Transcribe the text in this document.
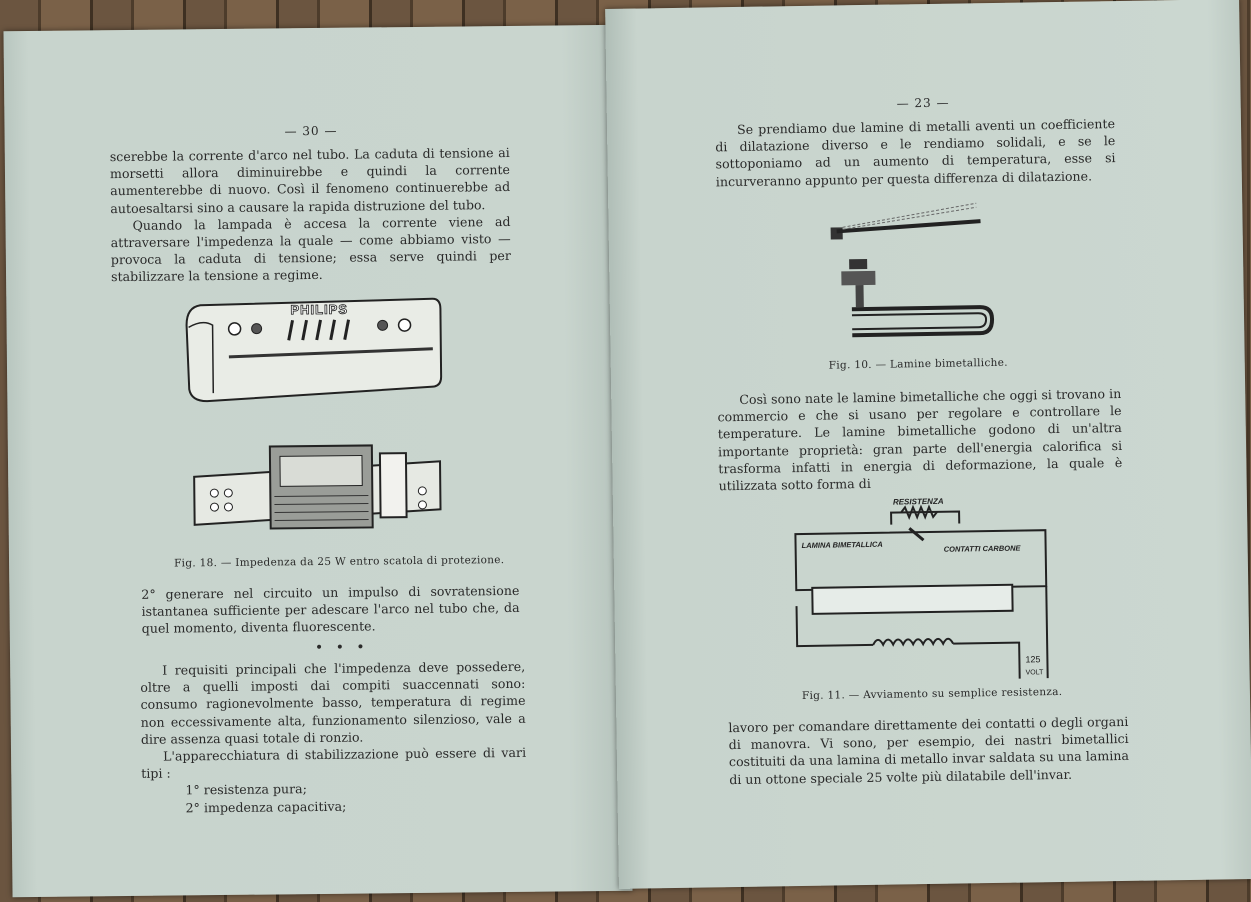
— 30 —

scerebbe la corrente d'arco nel tubo. La caduta di tensione ai morsetti allora diminuirebbe e quindi la corrente aumenterebbe di nuovo. Così il fenomeno continuerebbe ad autoesaltarsi sino a causare la rapida distruzione del tubo.

Quando la lampada è accesa la corrente viene ad attraversare l'impedenza la quale — come abbiamo visto — provoca la caduta di tensione; essa serve quindi per stabilizzare la tensione a regime.

PHILIPS
Fig. 18. — Impedenza da 25 W entro scatola di protezione.
2° generare nel circuito un impulso di sovratensione istantanea sufficiente per adescare l'arco nel tubo che, da quel momento, diventa fluorescente.
• • •

I requisiti principali che l'impedenza deve possedere, oltre a quelli imposti dai compiti suaccennati sono: consumo ragionevolmente basso, temperatura di regime non eccessivamente alta, funzionamento silenzioso, vale a dire assenza quasi totale di ronzio.

L'apparecchiatura di stabilizzazione può essere di vari tipi :

1° resistenza pura;

2° impedenza capacitiva;

— 23 —
Se prendiamo due lamine di metalli aventi un coefficiente di dilatazione diverso e le rendiamo solidali, e se le sottoponiamo ad un aumento di temperatura, esse si incurveranno appunto per questa differenza di dilatazione.
Fig. 10. — Lamine bimetalliche.

Così sono nate le lamine bimetalliche che oggi si trovano in commercio e che si usano per regolare e controllare le temperature. Le lamine bimetalliche godono di un'altra importante proprietà: gran parte dell'energia calorifica si trasforma infatti in energia di deformazione, la quale è utilizzata sotto forma di

RESISTENZA
LAMINA BIMETALLICA	CONTATTI CARBONE
125
VOLT
Fig. 11. — Avviamento su semplice resistenza.
lavoro per comandare direttamente dei contatti o degli organi di manovra. Vi sono, per esempio, dei nastri bimetallici costituiti da una lamina di metallo invar saldata su una lamina di un ottone speciale 25 volte più dilatabile dell'invar.
